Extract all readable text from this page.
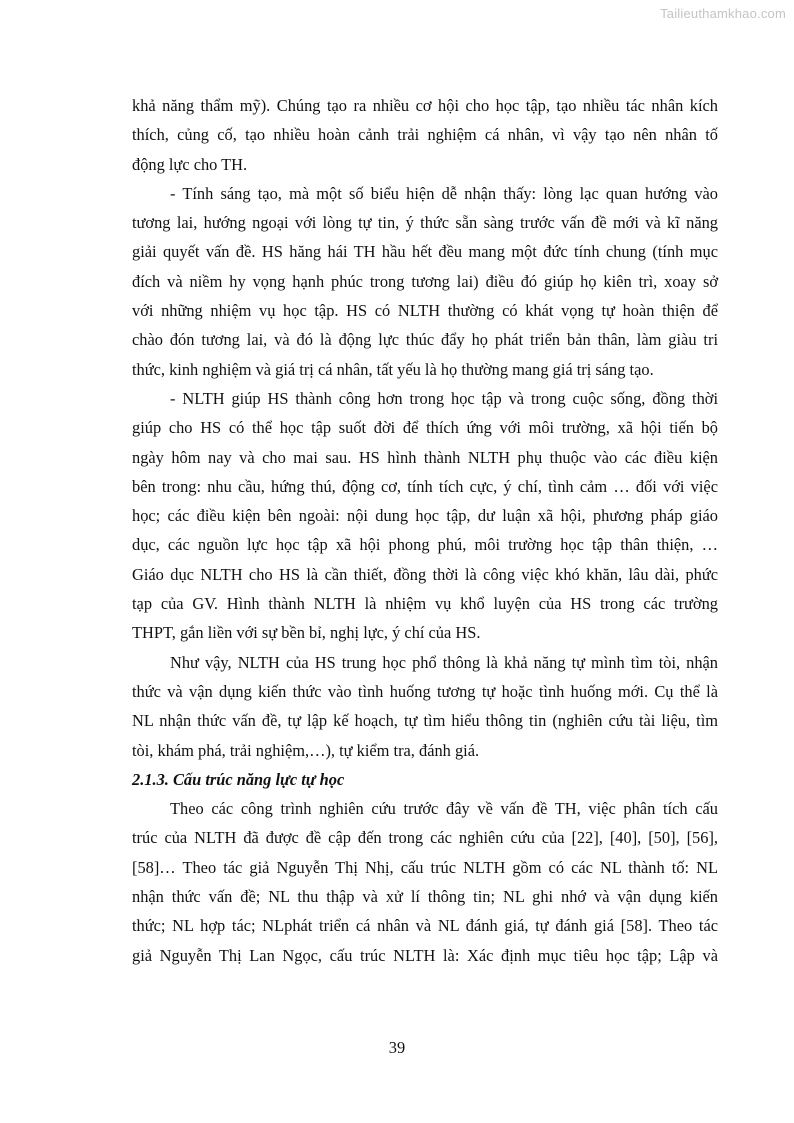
Tailieuthamkhao.com

khả năng thẩm mỹ). Chúng tạo ra nhiều cơ hội cho học tập, tạo nhiều tác nhân kích
thích, củng cố, tạo nhiều hoàn cảnh trải nghiệm cá nhân, vì vậy tạo nên nhân tố
động lực cho TH.

- Tính sáng tạo, mà một số biểu hiện dễ nhận thấy: lòng lạc quan hướng vào
tương lai, hướng ngoại với lòng tự tin, ý thức sẵn sàng trước vấn đề mới và kĩ năng
giải quyết vấn đề. HS hăng hái TH hầu hết đều mang một đức tính chung (tính mục
đích và niềm hy vọng hạnh phúc trong tương lai) điều đó giúp họ kiên trì, xoay sở
với những nhiệm vụ học tập. HS có NLTH thường có khát vọng tự hoàn thiện để
chào đón tương lai, và đó là động lực thúc đẩy họ phát triển bản thân, làm giàu tri
thức, kinh nghiệm và giá trị cá nhân, tất yếu là họ thường mang giá trị sáng tạo.

- NLTH giúp HS thành công hơn trong học tập và trong cuộc sống, đồng thời
giúp cho HS có thể học tập suốt đời để thích ứng với môi trường, xã hội tiến bộ
ngày hôm nay và cho mai sau. HS hình thành NLTH phụ thuộc vào các điều kiện
bên trong: nhu cầu, hứng thú, động cơ, tính tích cực, ý chí, tình cảm … đối với việc
học; các điều kiện bên ngoài: nội dung học tập, dư luận xã hội, phương pháp giáo
dục, các nguồn lực học tập xã hội phong phú, môi trường học tập thân thiện, …
Giáo dục NLTH cho HS là cần thiết, đồng thời là công việc khó khăn, lâu dài, phức
tạp của GV. Hình thành NLTH là nhiệm vụ khổ luyện của HS trong các trường
THPT, gắn liền với sự bền bỉ, nghị lực, ý chí của HS.

Như vậy, NLTH của HS trung học phổ thông là khả năng tự mình tìm tòi, nhận
thức và vận dụng kiến thức vào tình huống tương tự hoặc tình huống mới. Cụ thể là
NL nhận thức vấn đề, tự lập kế hoạch, tự tìm hiểu thông tin (nghiên cứu tài liệu, tìm
tòi, khám phá, trải nghiệm,…), tự kiểm tra, đánh giá.

2.1.3. Cấu trúc năng lực tự học

Theo các công trình nghiên cứu trước đây về vấn đề TH, việc phân tích cấu
trúc của NLTH đã được đề cập đến trong các nghiên cứu của [22], [40], [50], [56],
[58]… Theo tác giả Nguyễn Thị Nhị, cấu trúc NLTH gồm có các NL thành tố: NL
nhận thức vấn đề; NL thu thập và xử lí thông tin; NL ghi nhớ và vận dụng kiến
thức; NL hợp tác; NLphát triển cá nhân và NL đánh giá, tự đánh giá [58]. Theo tác
giả Nguyễn Thị Lan Ngọc, cấu trúc NLTH là: Xác định mục tiêu học tập; Lập và

39
